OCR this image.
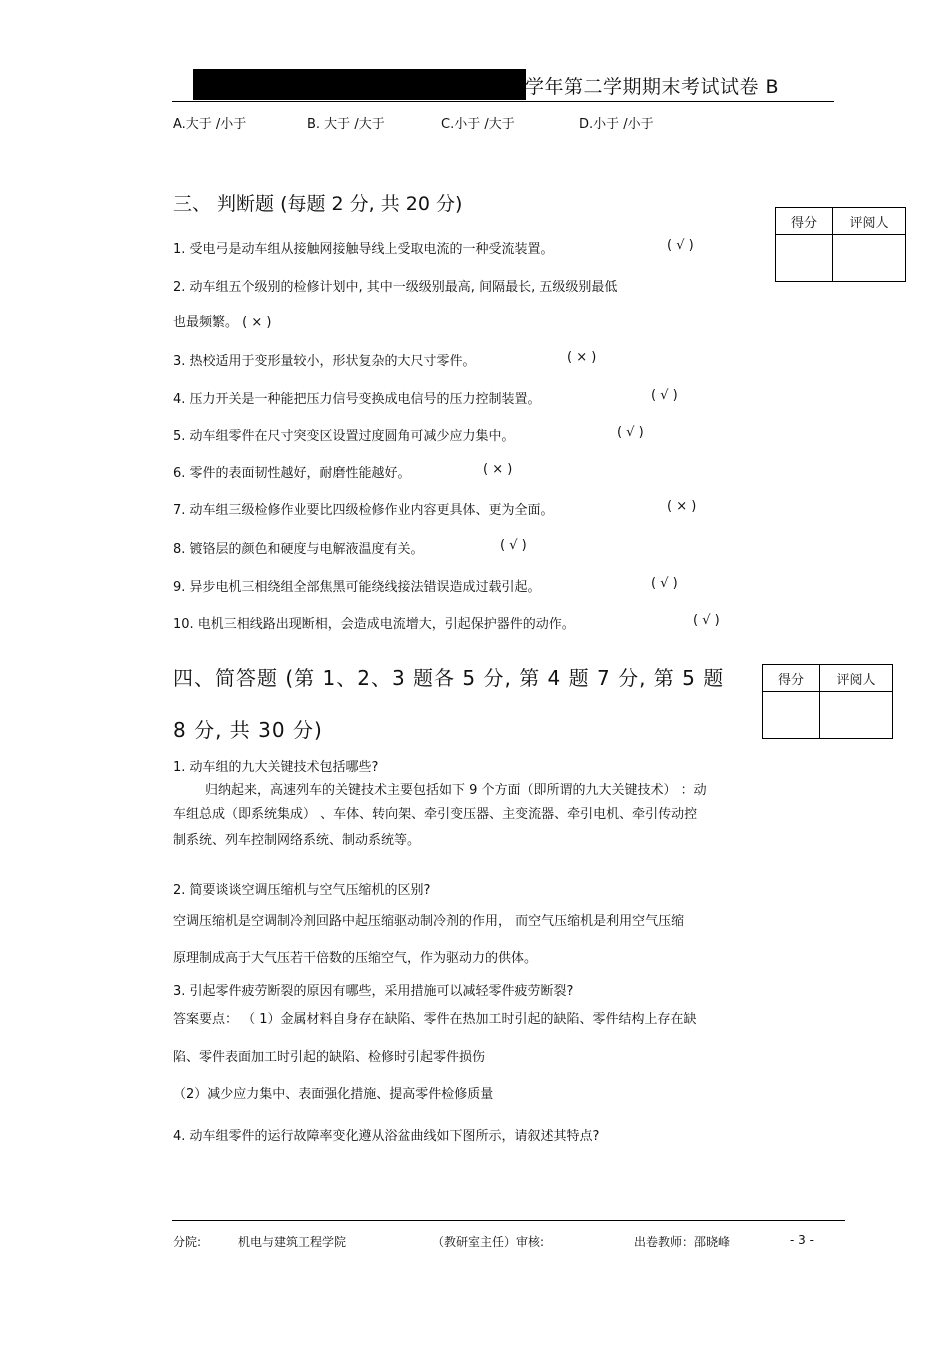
学年第二学期期末考试试卷 B
A.大于 /小于	B. 大于 /大于	C.小于 /大于	D.小于 /小于
三、 判断题 (每题 2 分, 共 20 分)
得分	评阅人

1. 受电弓是动车组从接触网接触导线上受取电流的一种受流装置。	( √ )
2. 动车组五个级别的检修计划中, 其中一级级别最高, 间隔最长, 五级级别最低
也最频繁。 ( × )
3. 热校适用于变形量较小，形状复杂的大尺寸零件。	( × )
4. 压力开关是一种能把压力信号变换成电信号的压力控制装置。	( √ )
5. 动车组零件在尺寸突变区设置过度圆角可减少应力集中。	( √ )
6. 零件的表面韧性越好，耐磨性能越好。	( × )
7. 动车组三级检修作业要比四级检修作业内容更具体、更为全面。	( × )
8. 镀铬层的颜色和硬度与电解液温度有关。	( √ )
9. 异步电机三相绕组全部焦黑可能绕线接法错误造成过载引起。	( √ )
10. 电机三相线路出现断相，会造成电流增大，引起保护器件的动作。	( √ )
四、简答题 (第 1、2、3 题各 5 分, 第 4 题 7 分, 第 5 题
8 分, 共 30 分)
得分	评阅人

1. 动车组的九大关键技术包括哪些?
归纳起来，高速列车的关键技术主要包括如下 9 个方面（即所谓的九大关键技术） ：动
车组总成（即系统集成） 、车体、转向架、牵引变压器、主变流器、牵引电机、牵引传动控
制系统、列车控制网络系统、制动系统等。
2. 简要谈谈空调压缩机与空气压缩机的区别?
空调压缩机是空调制冷剂回路中起压缩驱动制冷剂的作用， 而空气压缩机是利用空气压缩
原理制成高于大气压若干倍数的压缩空气，作为驱动力的供体。
3. 引起零件疲劳断裂的原因有哪些，采用措施可以减轻零件疲劳断裂?
答案要点： （ 1）金属材料自身存在缺陷、零件在热加工时引起的缺陷、零件结构上存在缺
陷、零件表面加工时引起的缺陷、检修时引起零件损伤
（2）减少应力集中、表面强化措施、提高零件检修质量
4. 动车组零件的运行故障率变化遵从浴盆曲线如下图所示，请叙述其特点?
分院:	机电与建筑工程学院	（教研室主任）审核:	出卷教师：邵晓峰	- 3 -
